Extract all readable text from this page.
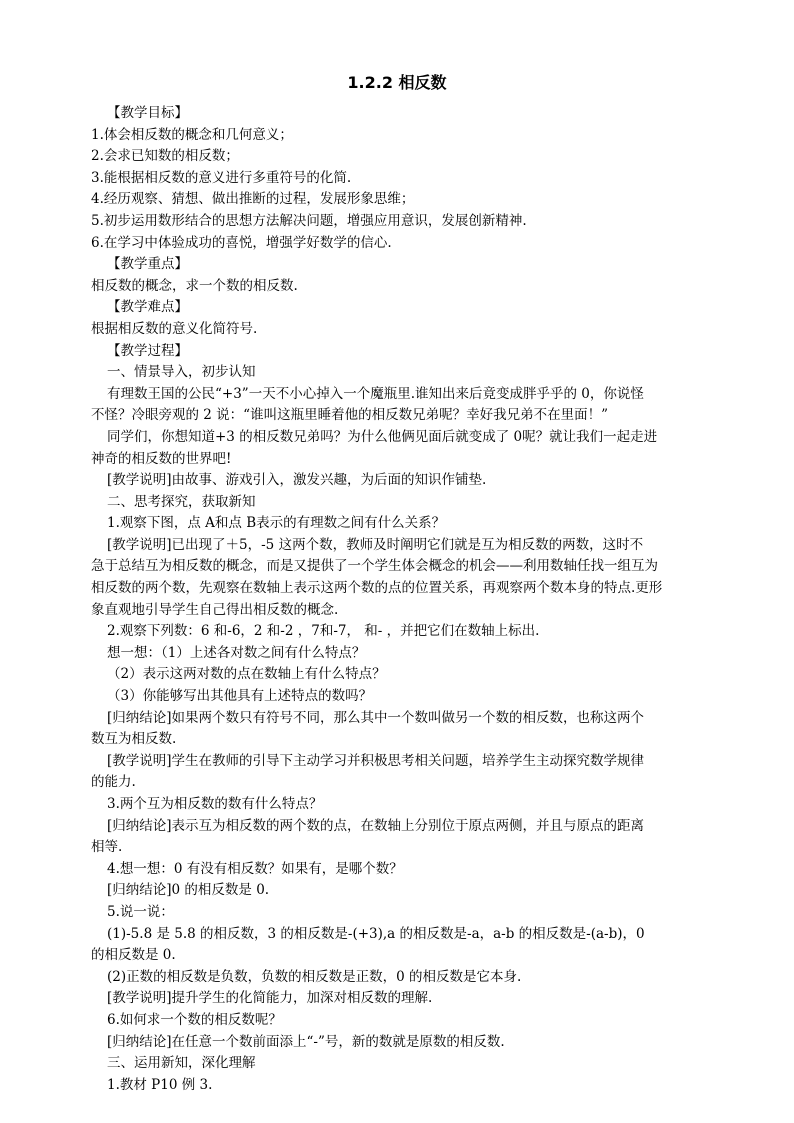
1.2.2 相反数

【教学目标】

1.体会相反数的概念和几何意义；

2.会求已知数的相反数；

3.能根据相反数的意义进行多重符号的化简.

4.经历观察、猜想、做出推断的过程，发展形象思维；

5.初步运用数形结合的思想方法解决问题，增强应用意识，发展创新精神.

6.在学习中体验成功的喜悦，增强学好数学的信心.

【教学重点】

相反数的概念，求一个数的相反数.

【教学难点】

根据相反数的意义化简符号.

【教学过程】

一、情景导入，初步认知

有理数王国的公民“+3”一天不小心掉入一个魔瓶里.谁知出来后竟变成胖乎乎的 0，你说怪

不怪？冷眼旁观的 2 说：“谁叫这瓶里睡着他的相反数兄弟呢？幸好我兄弟不在里面！”

同学们，你想知道+3 的相反数兄弟吗？为什么他俩见面后就变成了 0呢？就让我们一起走进

神奇的相反数的世界吧!

[教学说明]由故事、游戏引入，激发兴趣，为后面的知识作铺垫.

二、思考探究，获取新知

1.观察下图，点 A和点 B表示的有理数之间有什么关系？

[教学说明]已出现了＋5，-5 这两个数，教师及时阐明它们就是互为相反数的两数，这时不

急于总结互为相反数的概念，而是又提供了一个学生体会概念的机会——利用数轴任找一组互为

相反数的两个数，先观察在数轴上表示这两个数的点的位置关系，再观察两个数本身的特点.更形

象直观地引导学生自己得出相反数的概念.

2.观察下列数：6 和-6，2 和-2 ，7和-7， 和- ，并把它们在数轴上标出.

想一想：（1）上述各对数之间有什么特点？

（2）表示这两对数的点在数轴上有什么特点？

（3）你能够写出其他具有上述特点的数吗？

[归纳结论]如果两个数只有符号不同，那么其中一个数叫做另一个数的相反数，也称这两个

数互为相反数.

[教学说明]学生在教师的引导下主动学习并积极思考相关问题，培养学生主动探究数学规律

的能力.

3.两个互为相反数的数有什么特点？

[归纳结论]表示互为相反数的两个数的点，在数轴上分别位于原点两侧，并且与原点的距离

相等.

4.想一想：0 有没有相反数？如果有，是哪个数？

[归纳结论]0 的相反数是 0.

5.说一说：

(1)-5.8 是 5.8 的相反数，3 的相反数是-(+3),a 的相反数是-a，a-b 的相反数是-(a-b)，0

的相反数是 0.

(2)正数的相反数是负数，负数的相反数是正数，0 的相反数是它本身.

[教学说明]提升学生的化简能力，加深对相反数的理解.

6.如何求一个数的相反数呢？

[归纳结论]在任意一个数前面添上“-”号，新的数就是原数的相反数.

三、运用新知，深化理解

1.教材 P10 例 3.
